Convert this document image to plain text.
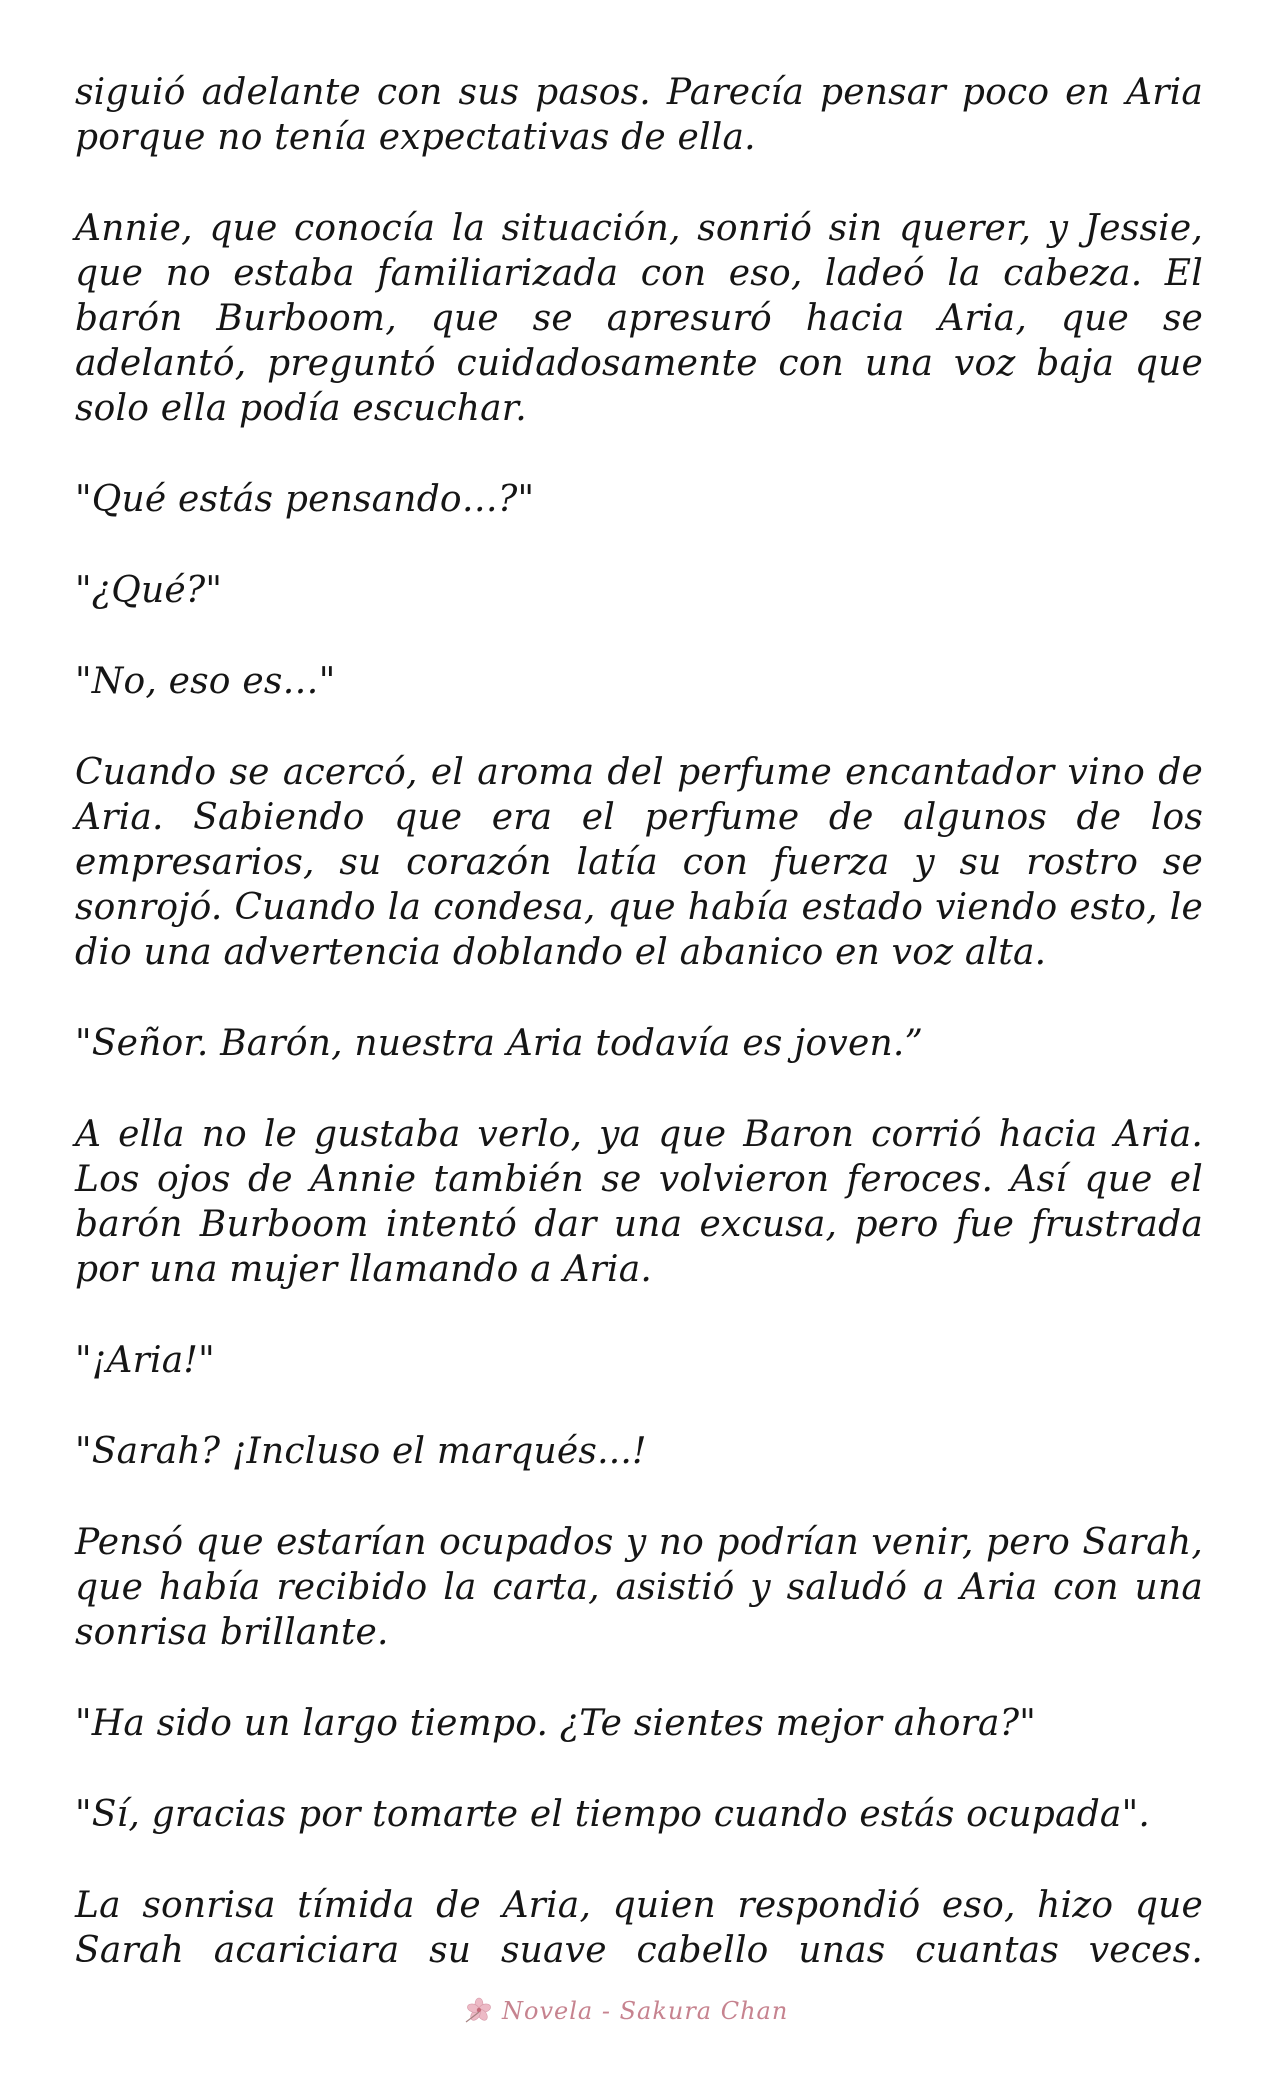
siguió adelante con sus pasos. Parecía pensar poco en Aria porque no tenía expectativas de ella.

Annie, que conocía la situación, sonrió sin querer, y Jessie, que no estaba familiarizada con eso, ladeó la cabeza. El barón Burboom, que se apresuró hacia Aria, que se adelantó, preguntó cuidadosamente con una voz baja que solo ella podía escuchar.

"Qué estás pensando…?"

"¿Qué?"

"No, eso es…"

Cuando se acercó, el aroma del perfume encantador vino de Aria. Sabiendo que era el perfume de algunos de los empresarios, su corazón latía con fuerza y su rostro se sonrojó. Cuando la condesa, que había estado viendo esto, le dio una advertencia doblando el abanico en voz alta.

"Señor. Barón, nuestra Aria todavía es joven.”

A ella no le gustaba verlo, ya que Baron corrió hacia Aria. Los ojos de Annie también se volvieron feroces. Así que el barón Burboom intentó dar una excusa, pero fue frustrada por una mujer llamando a Aria.

"¡Aria!"

"Sarah? ¡Incluso el marqués...!

Pensó que estarían ocupados y no podrían venir, pero Sarah, que había recibido la carta, asistió y saludó a Aria con una sonrisa brillante.

"Ha sido un largo tiempo. ¿Te sientes mejor ahora?"

"Sí, gracias por tomarte el tiempo cuando estás ocupada".

La sonrisa tímida de Aria, quien respondió eso, hizo que Sarah acariciara su suave cabello unas cuantas veces.

Novela - Sakura Chan
